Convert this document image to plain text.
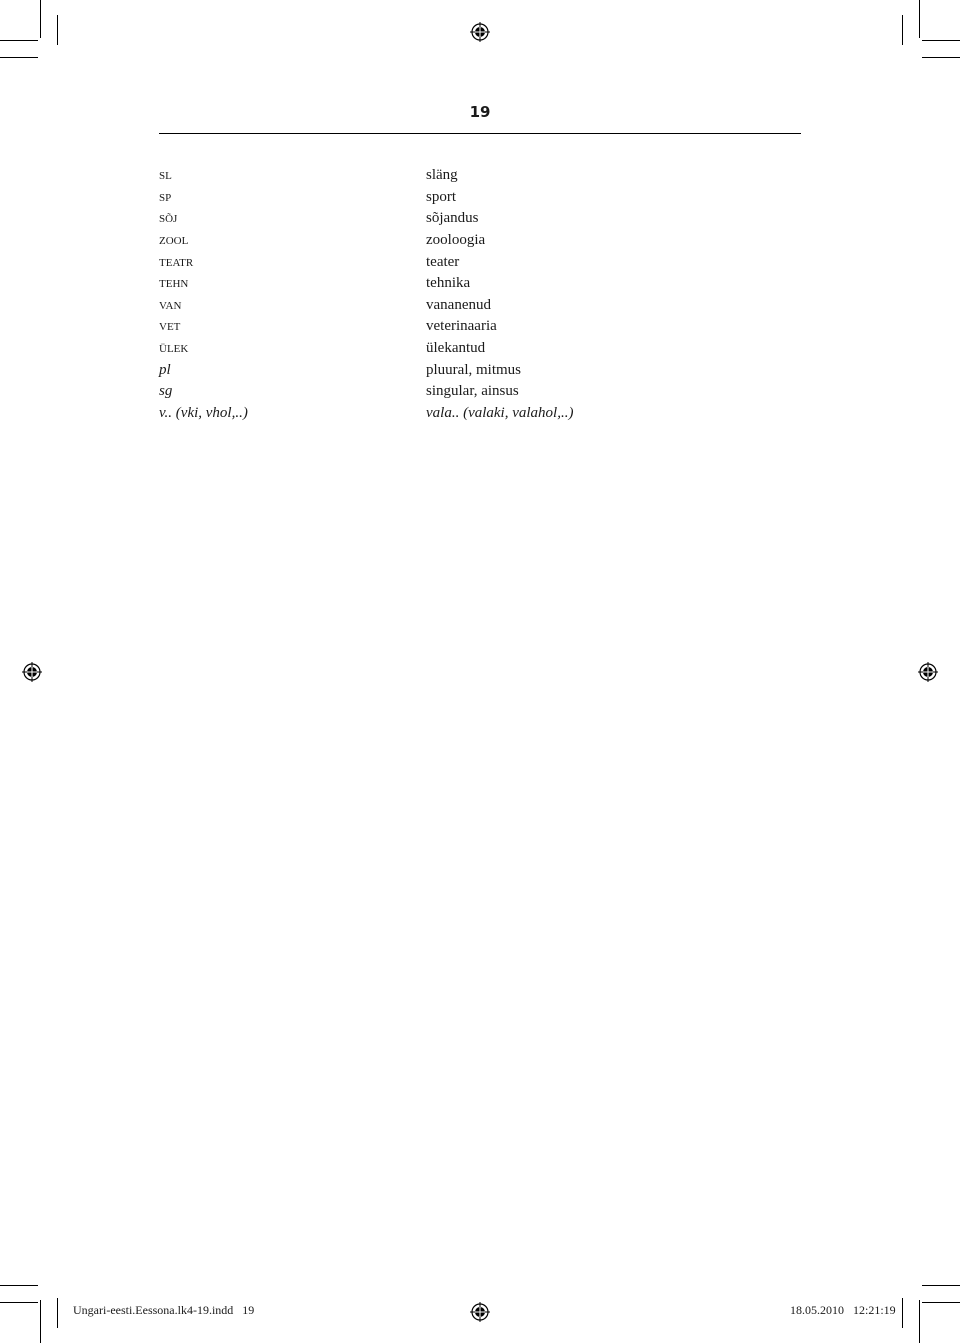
19
sl	släng
sp	sport
sõj	sõjandus
zool	zooloogia
teatr	teater
tehn	tehnika
van	vananenud
vet	veterinaaria
ülek	ülekantud
pl	pluural, mitmus
sg	singular, ainsus
v.. (vki, vhol,..)	vala.. (valaki, valahol,..)
Ungari-eesti.Eessona.lk4-19.indd   19	18.05.2010   12:21:19
